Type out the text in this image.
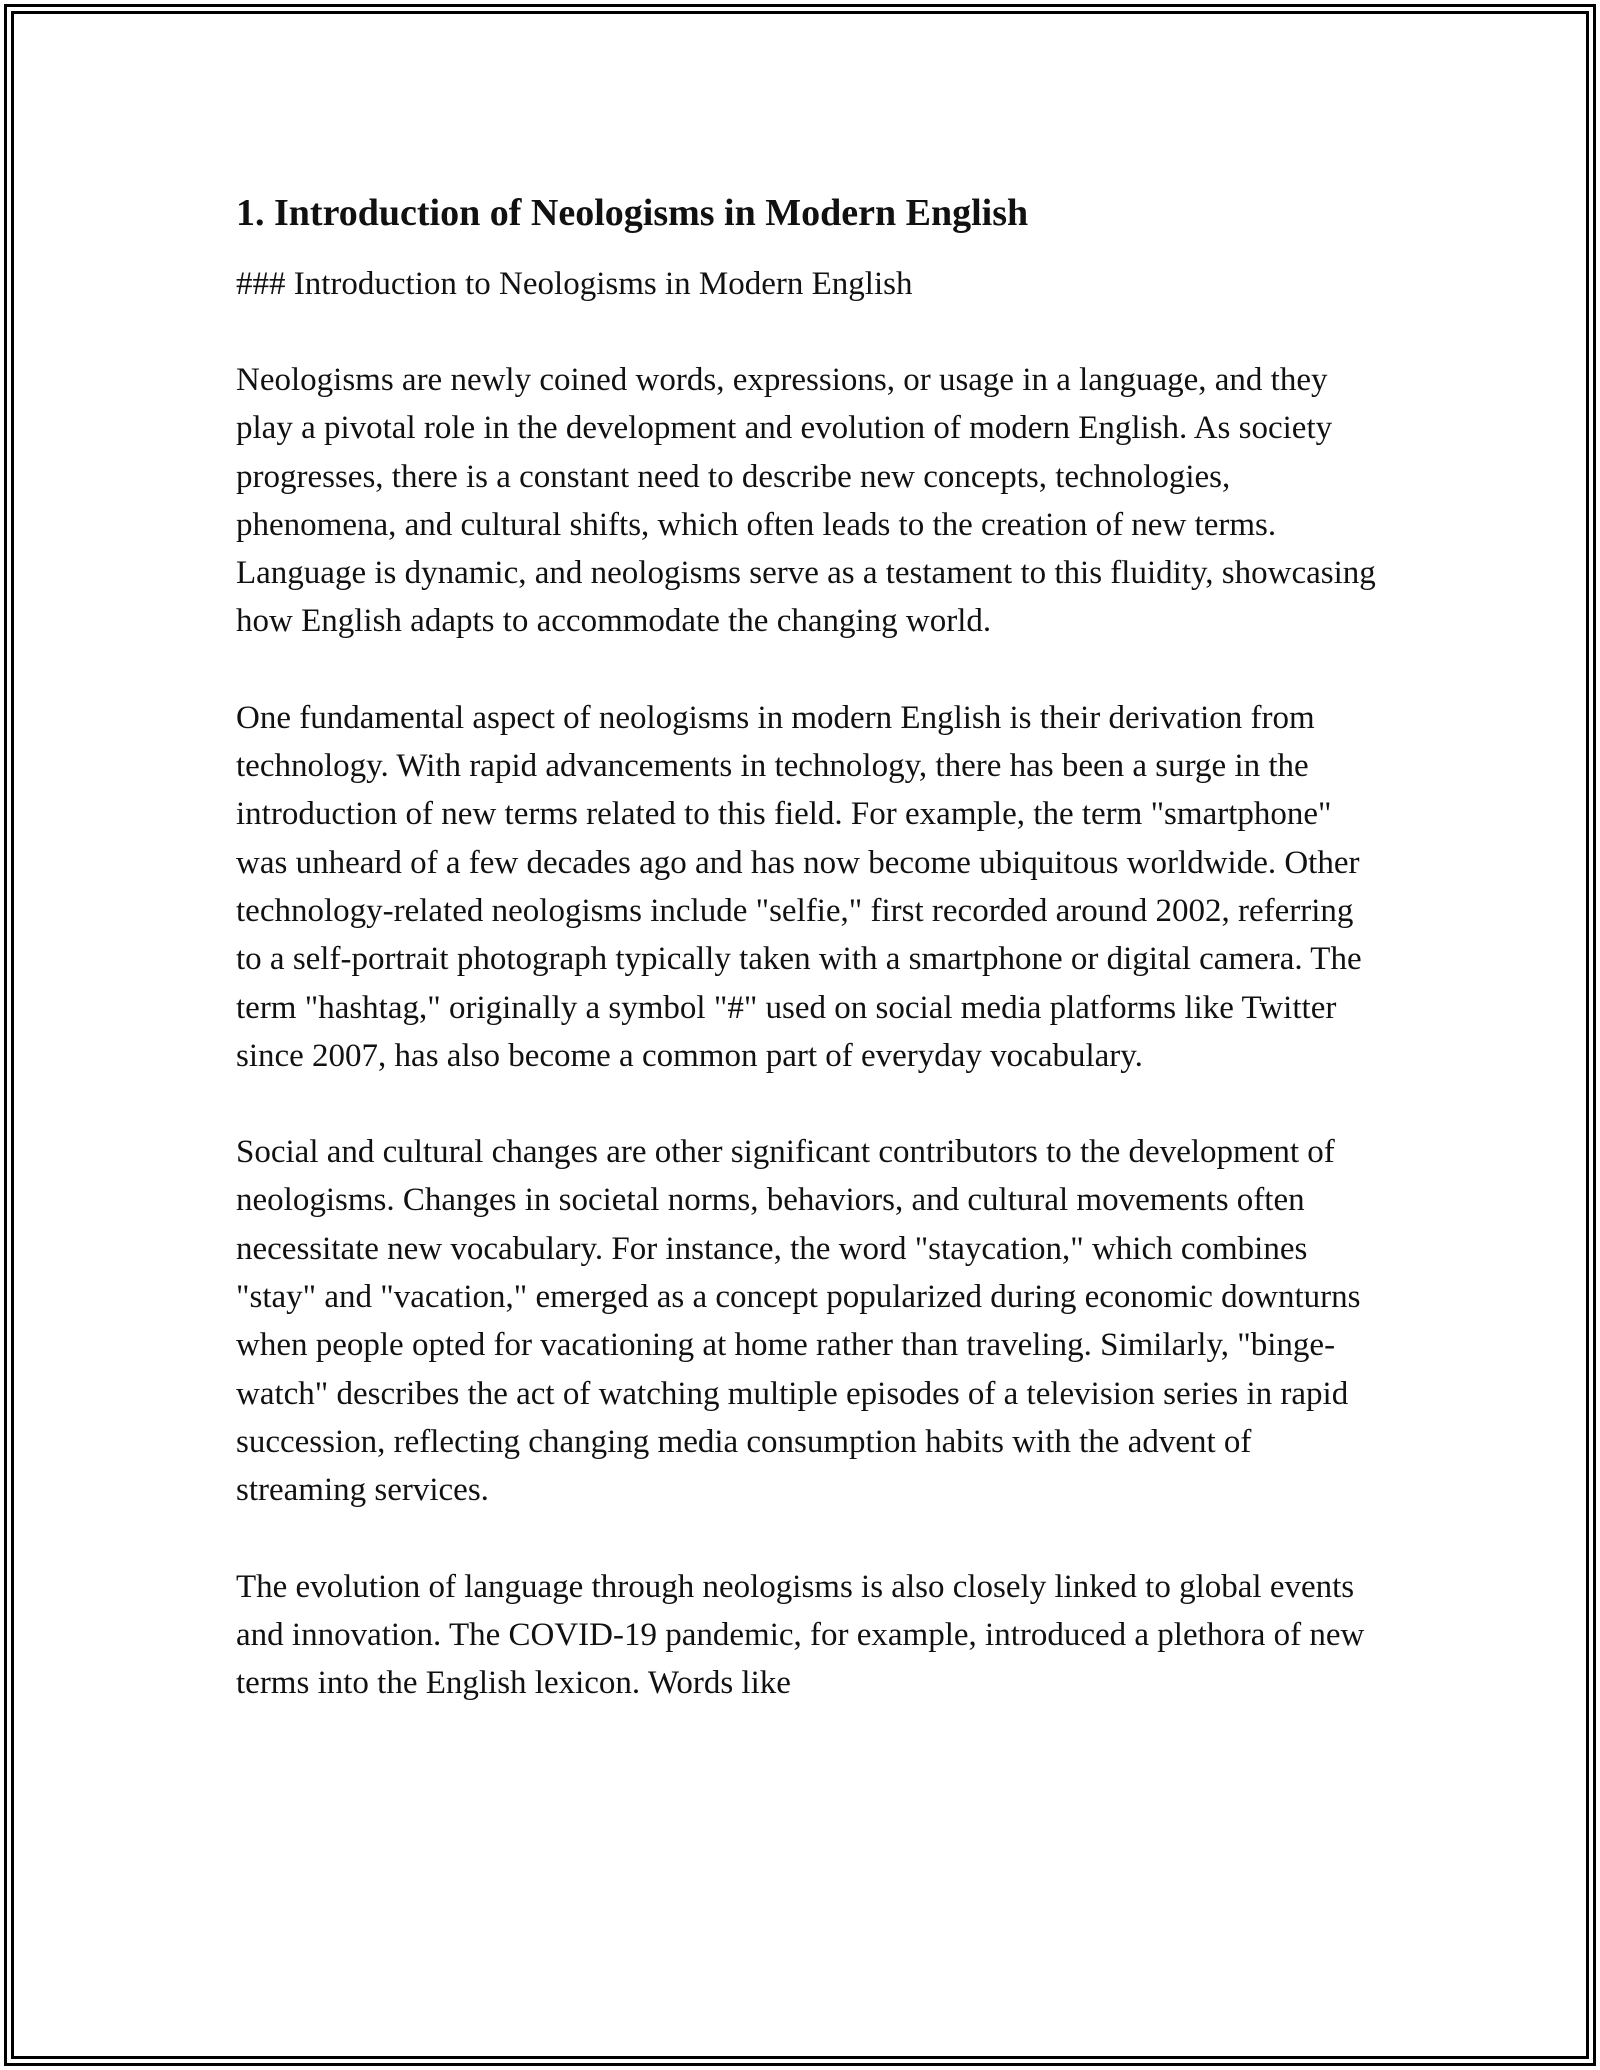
1. Introduction of Neologisms in Modern English

### Introduction to Neologisms in Modern English

Neologisms are newly coined words, expressions, or usage in a language, and they play a pivotal role in the development and evolution of modern English. As society progresses, there is a constant need to describe new concepts, technologies, phenomena, and cultural shifts, which often leads to the creation of new terms. Language is dynamic, and neologisms serve as a testament to this fluidity, showcasing how English adapts to accommodate the changing world.

One fundamental aspect of neologisms in modern English is their derivation from technology. With rapid advancements in technology, there has been a surge in the introduction of new terms related to this field. For example, the term "smartphone" was unheard of a few decades ago and has now become ubiquitous worldwide. Other technology-related neologisms include "selfie," first recorded around 2002, referring to a self-portrait photograph typically taken with a smartphone or digital camera. The term "hashtag," originally a symbol "#" used on social media platforms like Twitter since 2007, has also become a common part of everyday vocabulary.

Social and cultural changes are other significant contributors to the development of neologisms. Changes in societal norms, behaviors, and cultural movements often necessitate new vocabulary. For instance, the word "staycation," which combines "stay" and "vacation," emerged as a concept popularized during economic downturns when people opted for vacationing at home rather than traveling. Similarly, "binge-watch" describes the act of watching multiple episodes of a television series in rapid succession, reflecting changing media consumption habits with the advent of streaming services.

The evolution of language through neologisms is also closely linked to global events and innovation. The COVID-19 pandemic, for example, introduced a plethora of new terms into the English lexicon. Words like
